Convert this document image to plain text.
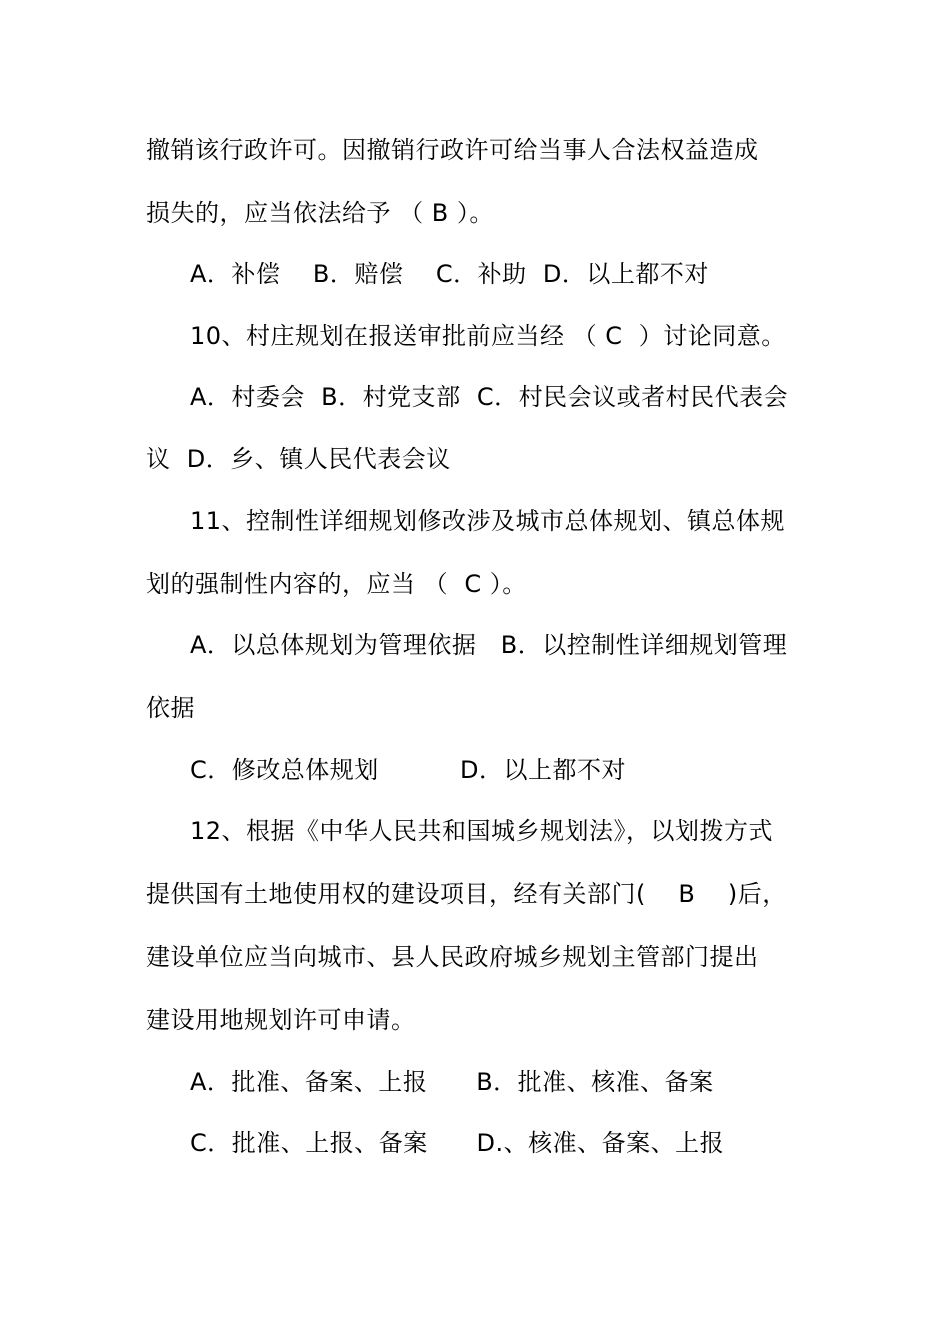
撤销该行政许可。因撤销行政许可给当事人合法权益造成
损失的，应当依法给予 （ B ）。
A．补偿    B．赔偿    C．补助  D．以上都不对
10、村庄规划在报送审批前应当经 （ C  ）讨论同意。
A．村委会  B．村党支部  C．村民会议或者村民代表会
议  D．乡、镇人民代表会议
11、控制性详细规划修改涉及城市总体规划、镇总体规
划的强制性内容的，应当 （  C ）。
A．以总体规划为管理依据   B．以控制性详细规划管理
依据
C．修改总体规划          D．以上都不对
12、根据《中华人民共和国城乡规划法》，以划拨方式
提供国有土地使用权的建设项目，经有关部门(    B    )后，
建设单位应当向城市、县人民政府城乡规划主管部门提出
建设用地规划许可申请。
A．批准、备案、上报      B．批准、核准、备案
C．批准、上报、备案      D.、核准、备案、上报
